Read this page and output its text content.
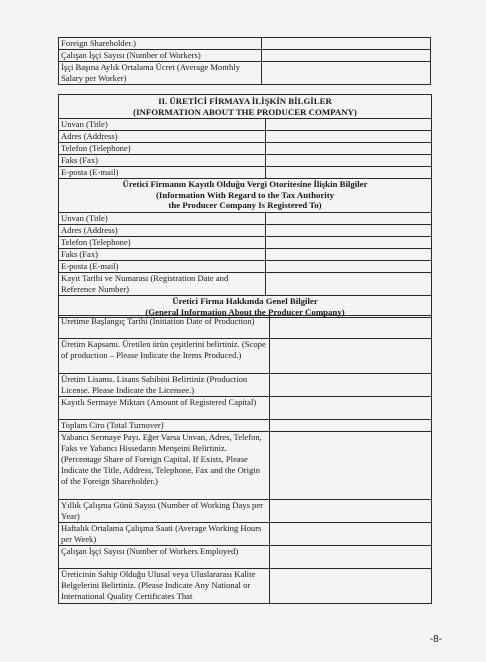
Foreign Shareholder.)	
Çalışan İşçi Sayısı (Number of Workers)	
İşçi Başına Aylık Ortalama Ücret (Average Monthly Salary per Worker)	
II. ÜRETİCİ FİRMAYA İLİŞKİN BİLGİLER
(INFORMATION ABOUT THE PRODUCER COMPANY)	

Unvan (Title)	
Adres (Address)	
Telefon (Telephone)	
Faks (Fax)	
E-posta (E-mail)	

Üretici Firmanın Kayıtlı Olduğu Vergi Otoritesine İlişkin Bilgiler
(Information With Regard to the Tax Authority
the Producer Company Is Registered To)	

Unvan (Title)	
Adres (Address)	
Telefon (Telephone)	
Faks (Fax)	
E-posta (E-mail)	
Kayıt Tarihi ve Numarası (Registration Date and Reference Number)	

Üretici Firma Hakkında Genel Bilgiler
(General Information About the Producer Company)	
Üretime Başlangıç Tarihi (Initiation Date of Production)	
Üretim Kapsamı. Üretilen ürün çeşitlerini belirtiniz. (Scope of production – Please Indicate the Items Produced.)	
Üretim Lisansı. Lisans Sahibini Belirtiniz (Production License. Please Indicate the Licensee.)	
Kayıtlı Sermaye Miktarı (Amount of Registered Capital)	
Toplam Ciro (Total Turnover)	
Yabancı Sermaye Payı. Eğer Varsa Unvan, Adres, Telefon, Faks ve Yabancı Hissedarın Menşeini Belirtiniz. (Percentage Share of Foreign Capital. If Exists, Please Indicate the Title, Address, Telephone, Fax and the Origin of the Foreign Shareholder.)	
Yıllık Çalışma Günü Sayısı (Number of Working Days per Year)	
Haftalık Ortalama Çalışma Saati (Average Working Hours per Week)	
Çalışan İşçi Sayısı (Number of Workers Employed)	
Üreticinin Sahip Olduğu Ulusal veya Uluslararası Kalite Belgelerini Belirtiniz. (Please Indicate Any National or International Quality Certificates That	
-8-
